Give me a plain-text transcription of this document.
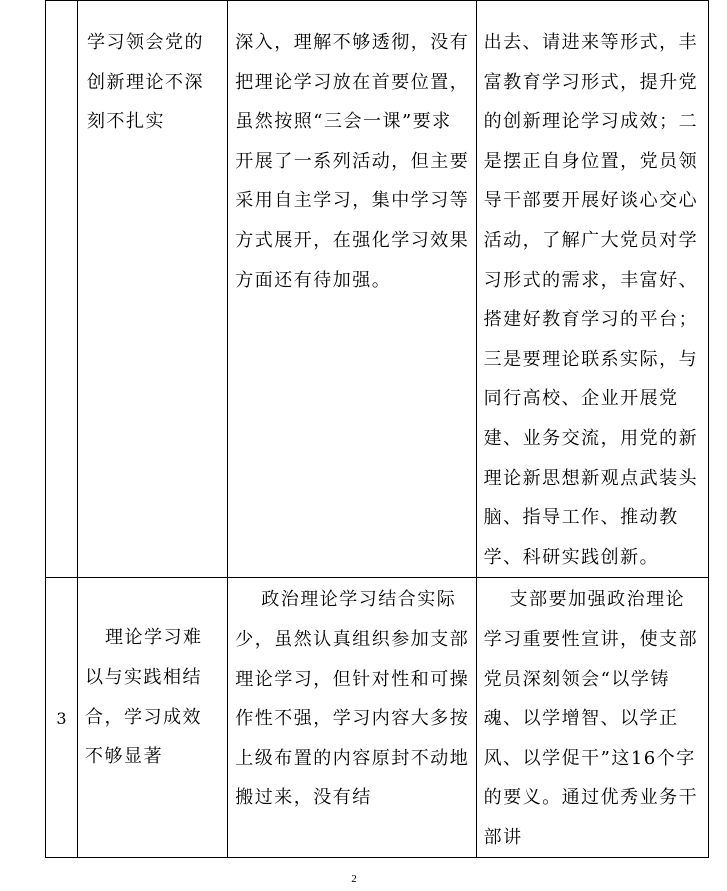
	学习领会党的创新理论不深刻不扎实	深入，理解不够透彻，没有把理论学习放在首要位置，虽然按照“三会一课”要求开展了一系列活动，但主要采用自主学习，集中学习等方式展开，在强化学习效果方面还有待加强。	出去、请进来等形式，丰富教育学习形式，提升党的创新理论学习成效；二是摆正自身位置，党员领导干部要开展好谈心交心活动，了解广大党员对学习形式的需求，丰富好、搭建好教育学习的平台；三是要理论联系实际，与同行高校、企业开展党建、业务交流，用党的新理论新思想新观点武装头脑、指导工作、推动教学、科研实践创新。

3	理论学习难以与实践相结合，学习成效不够显著	政治理论学习结合实际少，虽然认真组织参加支部理论学习，但针对性和可操作性不强，学习内容大多按上级布置的内容原封不动地搬过来，没有结	支部要加强政治理论学习重要性宣讲，使支部党员深刻领会“以学铸魂、以学增智、以学正风、以学促干”这16个字的要义。通过优秀业务干部讲
2
